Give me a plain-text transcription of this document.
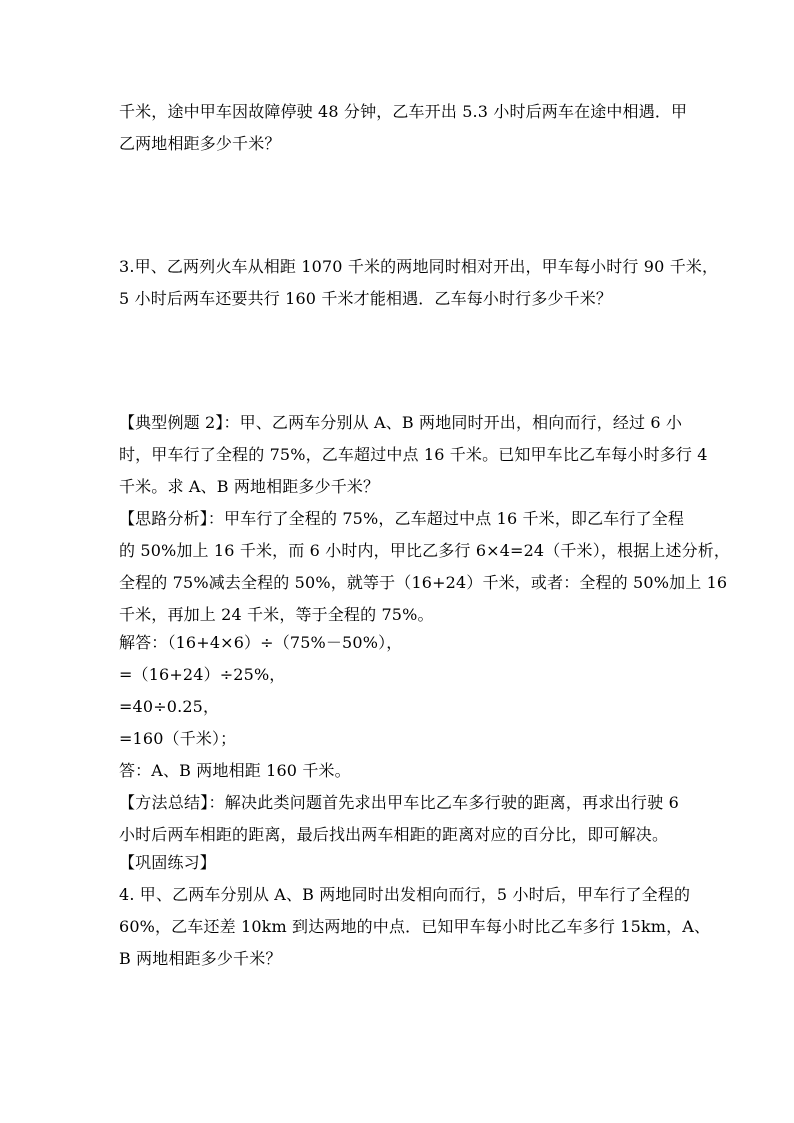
千米，途中甲车因故障停驶 48 分钟，乙车开出 5.3 小时后两车在途中相遇．甲
乙两地相距多少千米？
3.甲、乙两列火车从相距 1070 千米的两地同时相对开出，甲车每小时行 90 千米，
5 小时后两车还要共行 160 千米才能相遇．乙车每小时行多少千米？
【典型例题 2】：甲、乙两车分别从 A、B 两地同时开出，相向而行，经过 6 小
时，甲车行了全程的 75%，乙车超过中点 16 千米。已知甲车比乙车每小时多行 4
千米。求 A、B 两地相距多少千米？
【思路分析】：甲车行了全程的 75%，乙车超过中点 16 千米，即乙车行了全程
的 50%加上 16 千米，而 6 小时内，甲比乙多行 6×4=24（千米），根据上述分析，
全程的 75%减去全程的 50%，就等于（16+24）千米，或者：全程的 50%加上 16
千米，再加上 24 千米，等于全程的 75%。
解答：（16+4×6）÷（75%－50%），
=（16+24）÷25%，
=40÷0.25，
=160（千米）；
答：A、B 两地相距 160 千米。
【方法总结】：解决此类问题首先求出甲车比乙车多行驶的距离，再求出行驶 6
小时后两车相距的距离，最后找出两车相距的距离对应的百分比，即可解决。
【巩固练习】
4. 甲、乙两车分别从 A、B 两地同时出发相向而行，5 小时后，甲车行了全程的
60%，乙车还差 10km 到达两地的中点．已知甲车每小时比乙车多行 15km，A、
B 两地相距多少千米？
